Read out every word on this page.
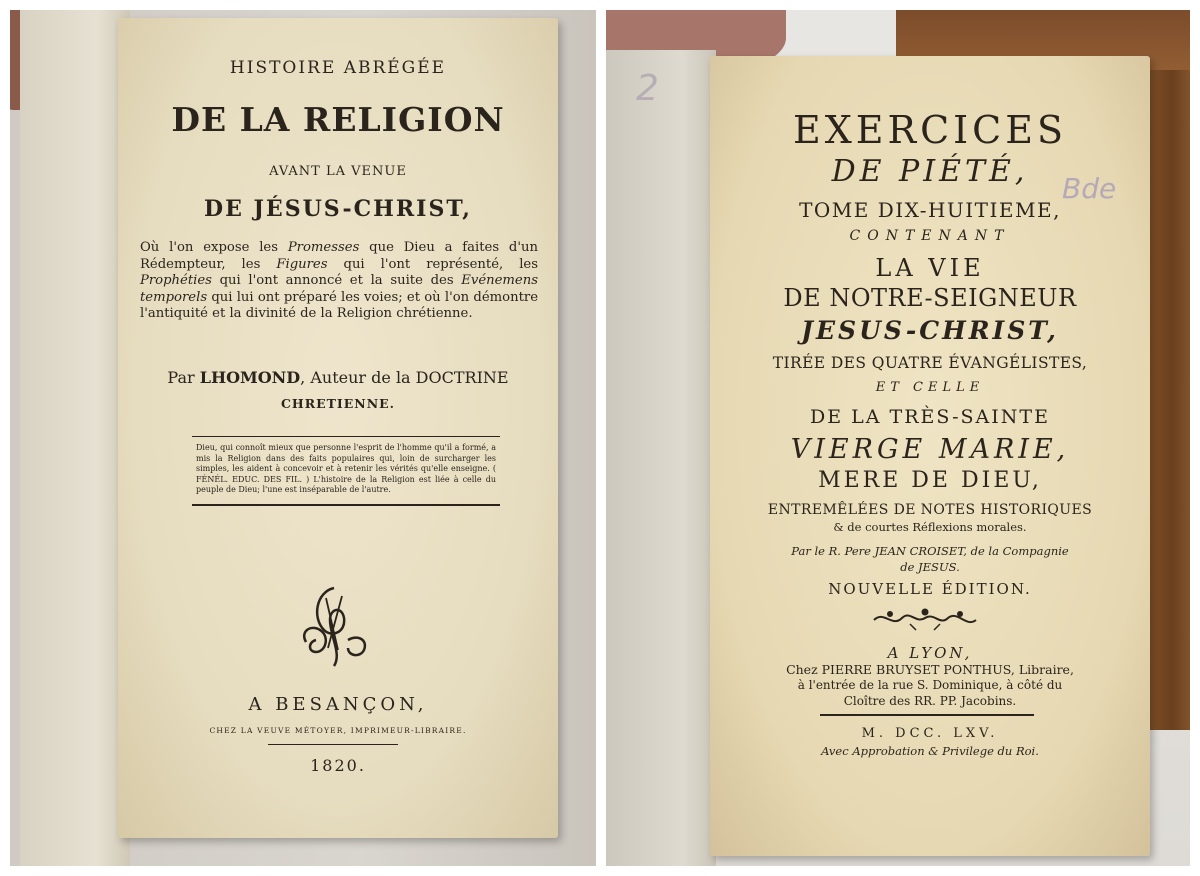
HISTOIRE ABRÉGÉE
DE LA RELIGION
AVANT LA VENUE
DE JÉSUS-CHRIST,
Où l'on expose les Promesses que Dieu a faites d'un Rédempteur, les Figures qui l'ont représenté, les Prophéties qui l'ont annoncé et la suite des Evénemens temporels qui lui ont préparé les voies; et où l'on démontre l'antiquité et la divinité de la Religion chrétienne.
Par LHOMOND, Auteur de la DOCTRINE
CHRETIENNE.
Dieu, qui connoît mieux que personne l'esprit de l'homme qu'il a formé, a mis la Religion dans des faits populaires qui, loin de surcharger les simples, les aident à concevoir et à retenir les vérités qu'elle enseigne. ( FÉNÉL. EDUC. DES FIL. ) L'histoire de la Religion est liée à celle du peuple de Dieu; l'une est inséparable de l'autre.
A BESANÇON,
CHEZ LA VEUVE MÉTOYER, IMPRIMEUR-LIBRAIRE.
1820.
2
EXERCICES
DE PIÉTÉ,	Bde
TOME DIX-HUITIEME,
CONTENANT
LA VIE
DE NOTRE-SEIGNEUR
JESUS-CHRIST,
TIRÉE DES QUATRE ÉVANGÉLISTES,
ET CELLE
DE LA TRÈS-SAINTE
VIERGE MARIE,
MERE DE DIEU,
ENTREMÊLÉES DE NOTES HISTORIQUES
& de courtes Réflexions morales.
Par le R. Pere JEAN CROISET, de la Compagnie
de JESUS.
NOUVELLE ÉDITION.
A LYON,
Chez PIERRE BRUYSET PONTHUS, Libraire,
à l'entrée de la rue S. Dominique, à côté du
Cloître des RR. PP. Jacobins.
M. DCC. LXV.
Avec Approbation & Privilege du Roi.
